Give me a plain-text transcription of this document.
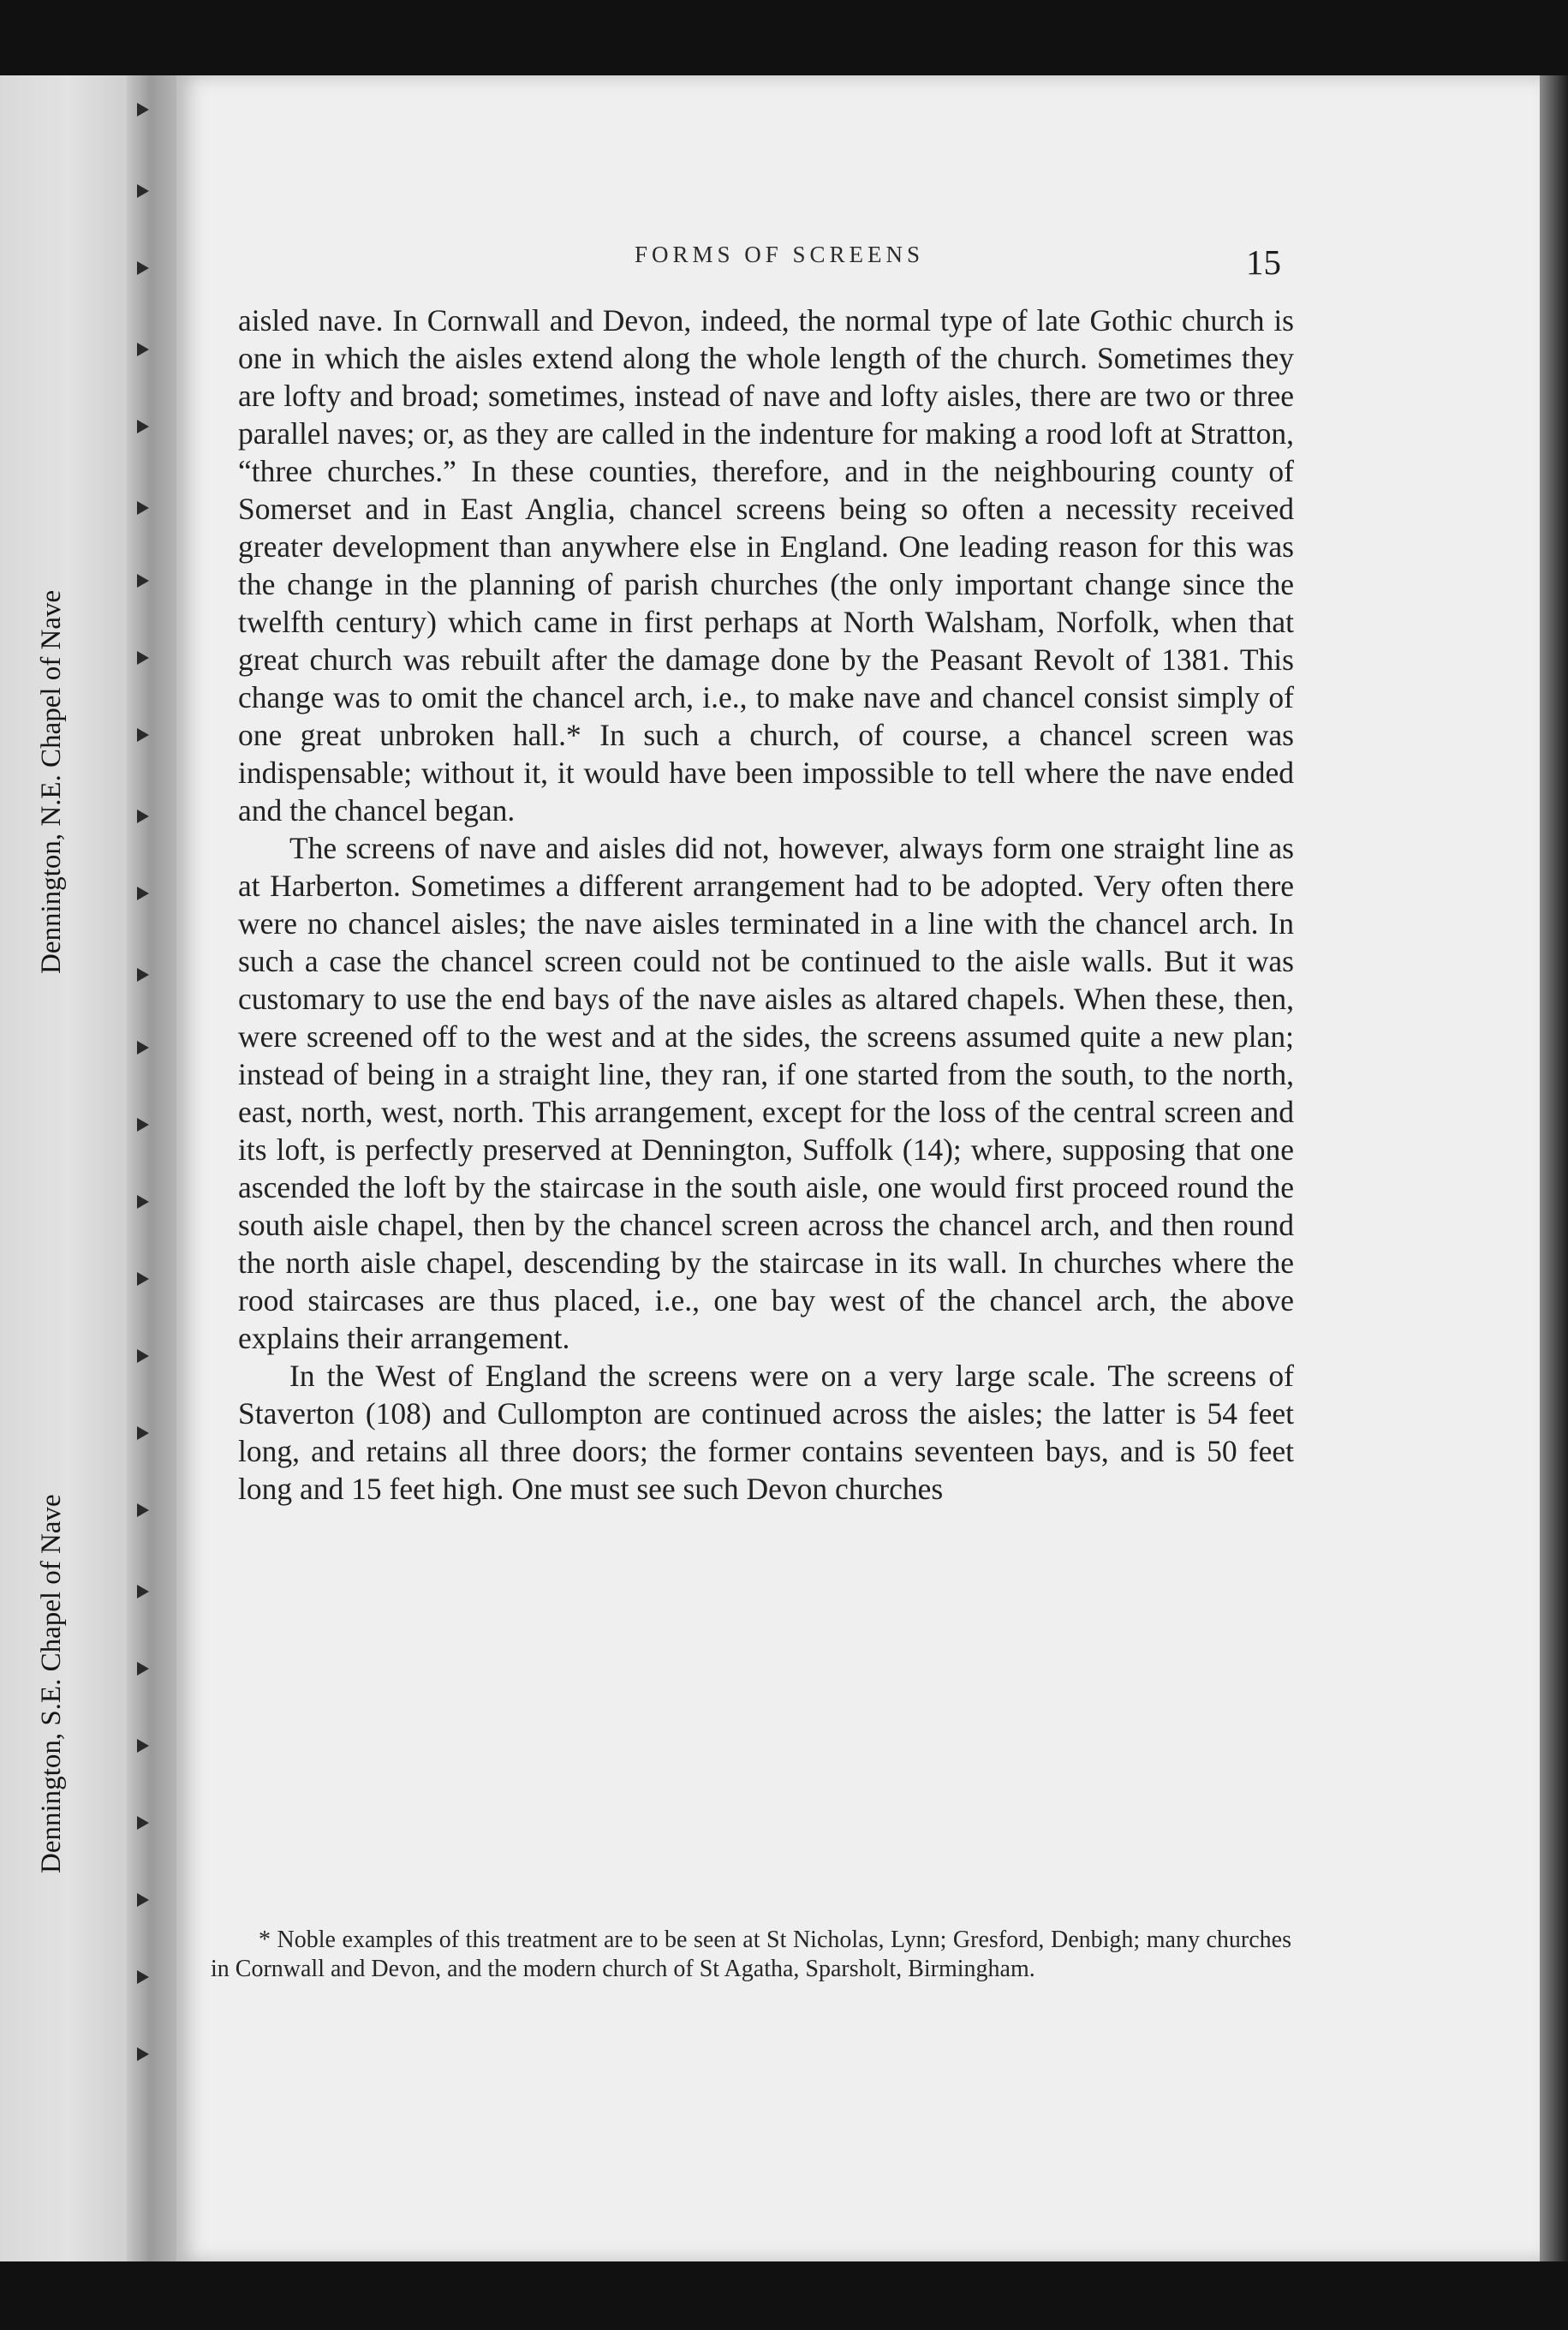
Dennington, N.E. Chapel of Nave
Dennington, S.E. Chapel of Nave
FORMS OF SCREENS	15

aisled nave. In Cornwall and Devon, indeed, the normal type of late Gothic church is one in which the aisles extend along the whole length of the church. Sometimes they are lofty and broad; sometimes, instead of nave and lofty aisles, there are two or three parallel naves; or, as they are called in the indenture for making a rood loft at Stratton, “three churches.” In these counties, therefore, and in the neighbouring county of Somerset and in East Anglia, chancel screens being so often a necessity received greater development than anywhere else in England. One leading reason for this was the change in the planning of parish churches (the only important change since the twelfth century) which came in first perhaps at North Walsham, Norfolk, when that great church was rebuilt after the damage done by the Peasant Revolt of 1381. This change was to omit the chancel arch, i.e., to make nave and chancel consist simply of one great unbroken hall.* In such a church, of course, a chancel screen was indispensable; without it, it would have been impossible to tell where the nave ended and the chancel began.

The screens of nave and aisles did not, however, always form one straight line as at Harberton. Sometimes a different arrangement had to be adopted. Very often there were no chancel aisles; the nave aisles terminated in a line with the chancel arch. In such a case the chancel screen could not be continued to the aisle walls. But it was customary to use the end bays of the nave aisles as altared chapels. When these, then, were screened off to the west and at the sides, the screens assumed quite a new plan; instead of being in a straight line, they ran, if one started from the south, to the north, east, north, west, north. This arrangement, except for the loss of the central screen and its loft, is perfectly preserved at Dennington, Suffolk (14); where, supposing that one ascended the loft by the staircase in the south aisle, one would first proceed round the south aisle chapel, then by the chancel screen across the chancel arch, and then round the north aisle chapel, descending by the staircase in its wall. In churches where the rood staircases are thus placed, i.e., one bay west of the chancel arch, the above explains their arrangement.

In the West of England the screens were on a very large scale. The screens of Staverton (108) and Cullompton are continued across the aisles; the latter is 54 feet long, and retains all three doors; the former contains seventeen bays, and is 50 feet long and 15 feet high. One must see such Devon churches

* Noble examples of this treatment are to be seen at St Nicholas, Lynn; Gresford, Denbigh; many churches in Cornwall and Devon, and the modern church of St Agatha, Sparsholt, Birmingham.
